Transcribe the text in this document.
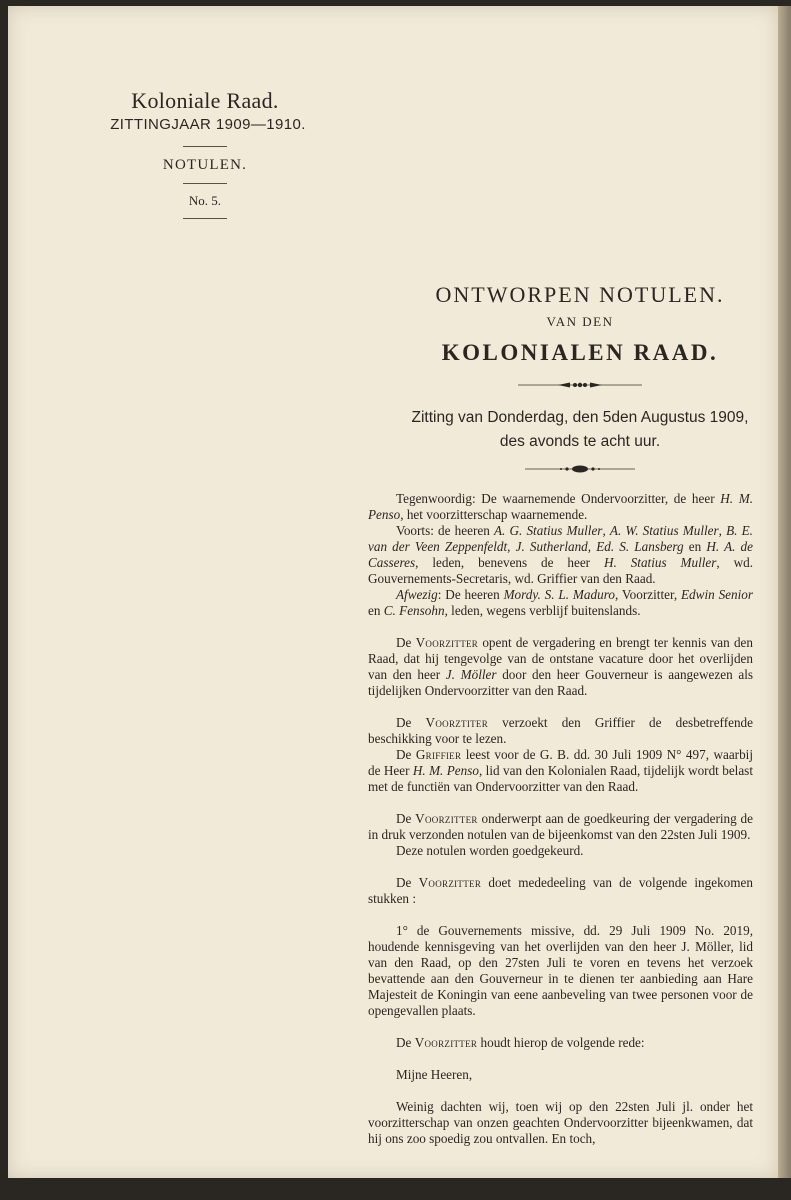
Koloniale Raad.
ZITTINGJAAR 1909—1910.
NOTULEN.
No. 5.
ONTWORPEN NOTULEN.
VAN DEN
KOLONIALEN RAAD.
Zitting van Donderdag, den 5den Augustus 1909,
des avonds te acht uur.

Tegenwoordig: De waarnemende Ondervoorzitter, de heer H. M. Penso, het voorzitterschap waarnemende.

Voorts: de heeren A. G. Statius Muller, A. W. Statius Muller, B. E. van der Veen Zeppenfeldt, J. Sutherland, Ed. S. Lansberg en H. A. de Casseres, leden, benevens de heer H. Statius Muller, wd. Gouvernements-Secretaris, wd. Griffier van den Raad.

Afwezig: De heeren Mordy. S. L. Maduro, Voorzitter, Edwin Senior en C. Fensohn, leden, wegens verblijf buitenslands.

De Voorzitter opent de vergadering en brengt ter kennis van den Raad, dat hij tengevolge van de ontstane vacature door het overlijden van den heer J. Möller door den heer Gouverneur is aangewezen als tijdelijken Ondervoorzitter van den Raad.

De Voorztiter verzoekt den Griffier de desbetreffende beschikking voor te lezen.

De Griffier leest voor de G. B. dd. 30 Juli 1909 N° 497, waarbij de Heer H. M. Penso, lid van den Kolonialen Raad, tijdelijk wordt belast met de functiën van Ondervoorzitter van den Raad.

De Voorzitter onderwerpt aan de goedkeuring der vergadering de in druk verzonden notulen van de bijeenkomst van den 22sten Juli 1909.

Deze notulen worden goedgekeurd.

De Voorzitter doet mededeeling van de volgende ingekomen stukken :

1° de Gouvernements missive, dd. 29 Juli 1909 No. 2019, houdende kennisgeving van het overlijden van den heer J. Möller, lid van den Raad, op den 27sten Juli te voren en tevens het verzoek bevattende aan den Gouverneur in te dienen ter aanbieding aan Hare Majesteit de Koningin van eene aanbeveling van twee personen voor de opengevallen plaats.

De Voorzitter houdt hierop de volgende rede:

Mijne Heeren,

Weinig dachten wij, toen wij op den 22sten Juli jl. onder het voorzitterschap van onzen geachten Ondervoorzitter bijeenkwamen, dat hij ons zoo spoedig zou ontvallen. En toch,
